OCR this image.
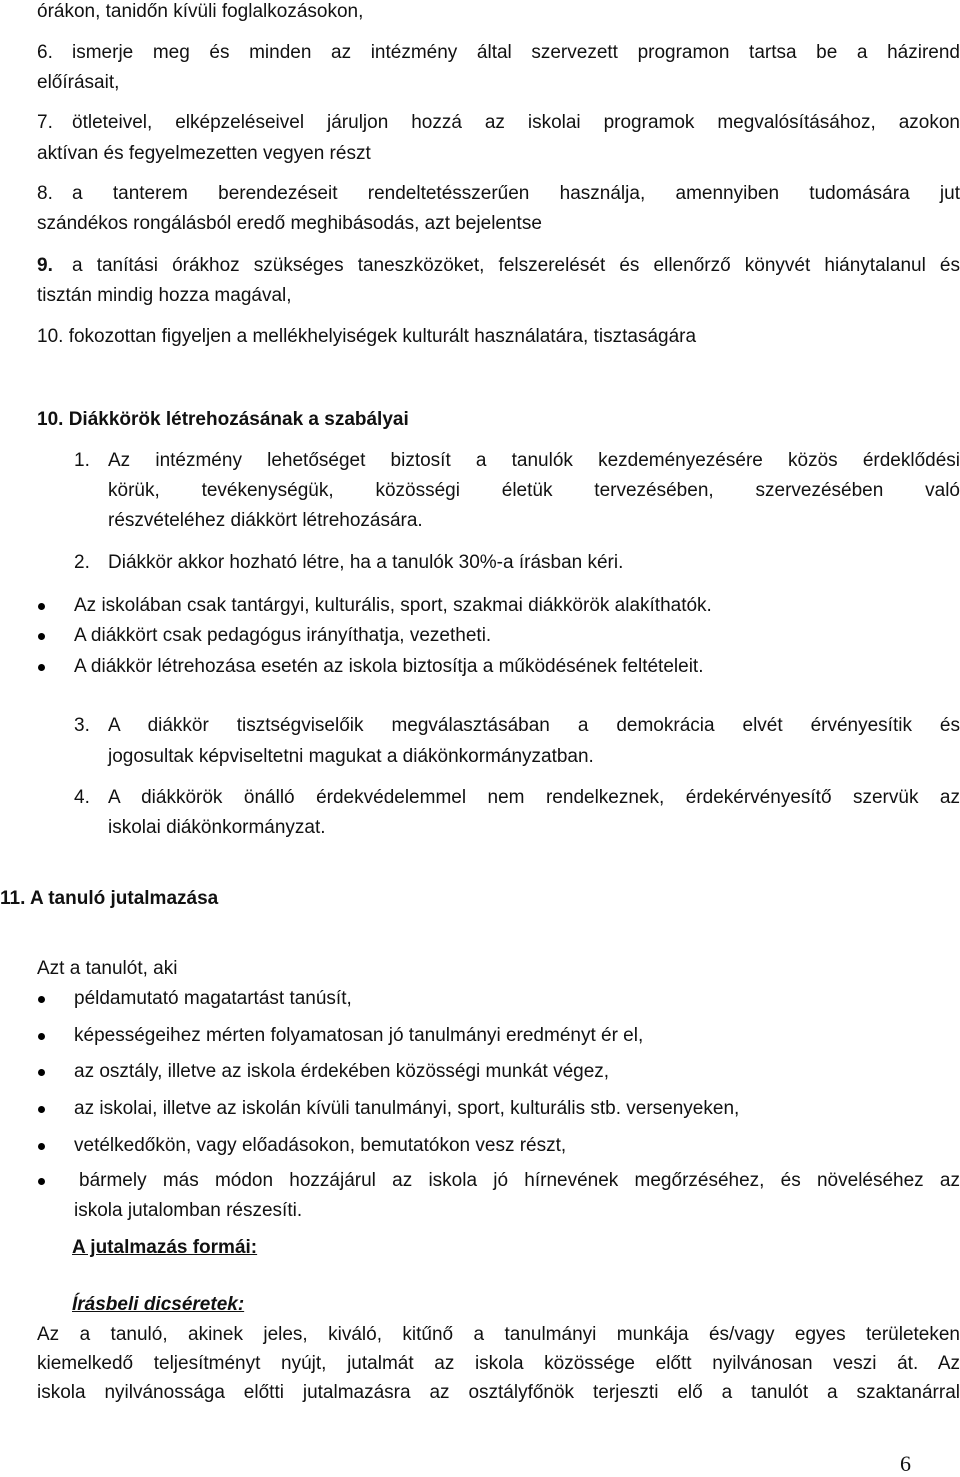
órákon, tanidőn kívüli foglalkozásokon,
6. ismerje meg és minden az intézmény által szervezett programon tartsa be a házirend
előírásait,
7. ötleteivel, elképzeléseivel járuljon hozzá az iskolai programok megvalósításához, azokon
aktívan és fegyelmezetten vegyen részt
8. a tanterem berendezéseit rendeltetésszerűen használja, amennyiben tudomására jut
szándékos rongálásból eredő meghibásodás, azt bejelentse
9. a tanítási órákhoz szükséges taneszközöket, felszerelését és ellenőrző könyvét hiánytalanul és
tisztán mindig hozza magával,
10. fokozottan figyeljen a mellékhelyiségek kulturált használatára, tisztaságára
10. Diákkörök létrehozásának a szabályai
1. Az intézmény lehetőséget biztosít a tanulók kezdeményezésére közös érdeklődési
körük, tevékenységük, közösségi életük tervezésében, szervezésében való
részvételéhez diákkört létrehozására.
2. Diákkör akkor hozható létre, ha a tanulók 30%-a írásban kéri.
Az iskolában csak tantárgyi, kulturális, sport, szakmai diákkörök alakíthatók.
A diákkört csak pedagógus irányíthatja, vezetheti.
A diákkör létrehozása esetén az iskola biztosítja a működésének feltételeit.
3. A diákkör tisztségviselőik megválasztásában a demokrácia elvét érvényesítik és
jogosultak képviseltetni magukat a diákönkormányzatban.
4. A diákkörök önálló érdekvédelemmel nem rendelkeznek, érdekérvényesítő szervük az
iskolai diákönkormányzat.
11. A tanuló jutalmazása
Azt a tanulót, aki
példamutató magatartást tanúsít,
képességeihez mérten folyamatosan jó tanulmányi eredményt ér el,
az osztály, illetve az iskola érdekében közösségi munkát végez,
az iskolai, illetve az iskolán kívüli tanulmányi, sport, kulturális stb. versenyeken,
vetélkedőkön, vagy előadásokon, bemutatókon vesz részt,
bármely más módon hozzájárul az iskola jó hírnevének megőrzéséhez, és növeléséhez az
iskola jutalomban részesíti.
A jutalmazás formái:
Írásbeli dicséretek:
Az a tanuló, akinek jeles, kiváló, kitűnő a tanulmányi munkája és/vagy egyes területeken
kiemelkedő teljesítményt nyújt, jutalmát az iskola közössége előtt nyilvánosan veszi át. Az
iskola nyilvánossága előtti jutalmazásra az osztályfőnök terjeszti elő a tanulót a szaktanárral
6
